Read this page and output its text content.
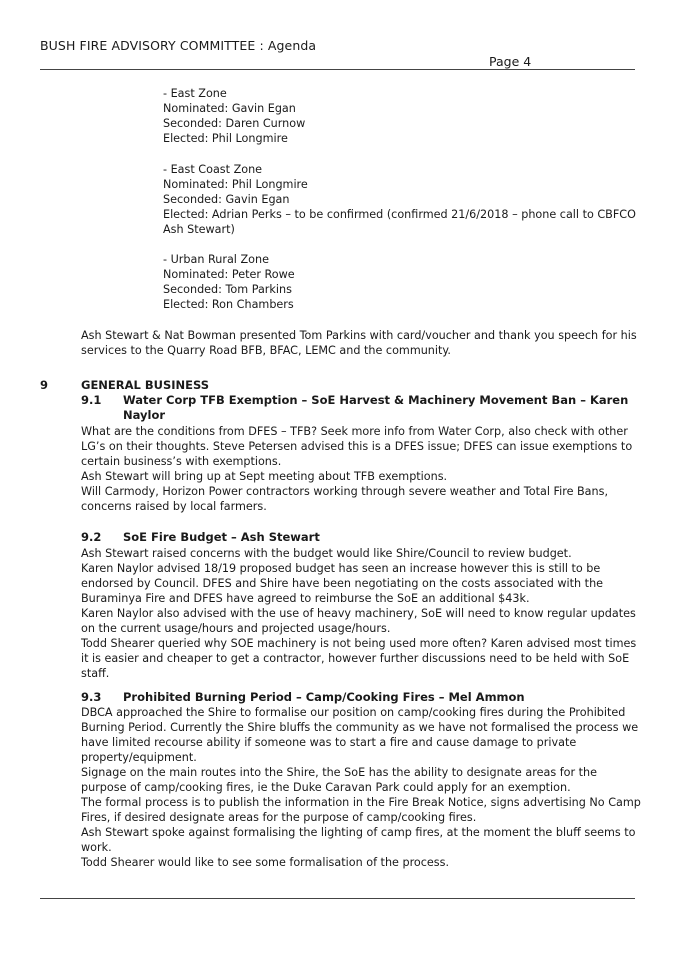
BUSH FIRE ADVISORY COMMITTEE : Agenda
Page 4
- East Zone
Nominated: Gavin Egan
Seconded: Daren Curnow
Elected: Phil Longmire
- East Coast Zone
Nominated: Phil Longmire
Seconded: Gavin Egan
Elected: Adrian Perks – to be confirmed (confirmed 21/6/2018 – phone call to CBFCO
Ash Stewart)
- Urban Rural Zone
Nominated: Peter Rowe
Seconded: Tom Parkins
Elected: Ron Chambers
Ash Stewart & Nat Bowman presented Tom Parkins with card/voucher and thank you speech for his
services to the Quarry Road BFB, BFAC, LEMC and the community.
9	GENERAL BUSINESS
9.1 Water Corp TFB Exemption – SoE Harvest & Machinery Movement Ban – Karen
Naylor
What are the conditions from DFES – TFB? Seek more info from Water Corp, also check with other
LG’s on their thoughts. Steve Petersen advised this is a DFES issue; DFES can issue exemptions to
certain business’s with exemptions.
Ash Stewart will bring up at Sept meeting about TFB exemptions.
Will Carmody, Horizon Power contractors working through severe weather and Total Fire Bans,
concerns raised by local farmers.
9.2 SoE Fire Budget – Ash Stewart
Ash Stewart raised concerns with the budget would like Shire/Council to review budget.
Karen Naylor advised 18/19 proposed budget has seen an increase however this is still to be
endorsed by Council. DFES and Shire have been negotiating on the costs associated with the
Buraminya Fire and DFES have agreed to reimburse the SoE an additional $43k.
Karen Naylor also advised with the use of heavy machinery, SoE will need to know regular updates
on the current usage/hours and projected usage/hours.
Todd Shearer queried why SOE machinery is not being used more often? Karen advised most times
it is easier and cheaper to get a contractor, however further discussions need to be held with SoE
staff.
9.3 Prohibited Burning Period – Camp/Cooking Fires – Mel Ammon
DBCA approached the Shire to formalise our position on camp/cooking fires during the Prohibited
Burning Period. Currently the Shire bluffs the community as we have not formalised the process we
have limited recourse ability if someone was to start a fire and cause damage to private
property/equipment.
Signage on the main routes into the Shire, the SoE has the ability to designate areas for the
purpose of camp/cooking fires, ie the Duke Caravan Park could apply for an exemption.
The formal process is to publish the information in the Fire Break Notice, signs advertising No Camp
Fires, if desired designate areas for the purpose of camp/cooking fires.
Ash Stewart spoke against formalising the lighting of camp fires, at the moment the bluff seems to
work.
Todd Shearer would like to see some formalisation of the process.
